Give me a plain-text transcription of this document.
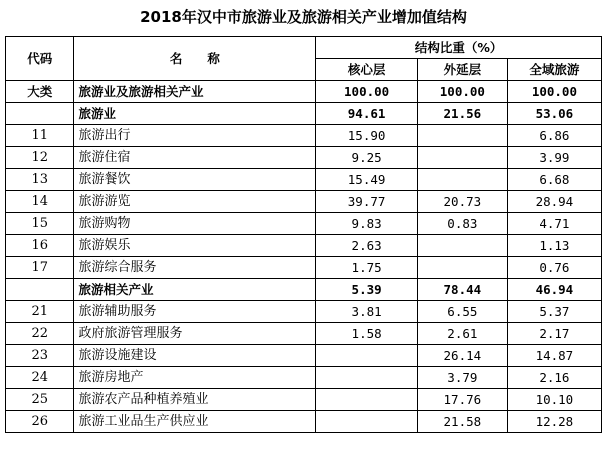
2018年汉中市旅游业及旅游相关产业增加值结构
代码	名　　称	结构比重（%）		
		核心层	外延层	全域旅游
大类	旅游业及旅游相关产业	100.00	100.00	100.00
	旅游业	94.61	21.56	53.06
11	旅游出行	15.90		6.86
12	旅游住宿	9.25		3.99
13	旅游餐饮	15.49		6.68
14	旅游游览	39.77	20.73	28.94
15	旅游购物	9.83	0.83	4.71
16	旅游娱乐	2.63		1.13
17	旅游综合服务	1.75		0.76
	旅游相关产业	5.39	78.44	46.94
21	旅游辅助服务	3.81	6.55	5.37
22	政府旅游管理服务	1.58	2.61	2.17
23	旅游设施建设		26.14	14.87
24	旅游房地产		3.79	2.16
25	旅游农产品种植养殖业		17.76	10.10
26	旅游工业品生产供应业		21.58	12.28
